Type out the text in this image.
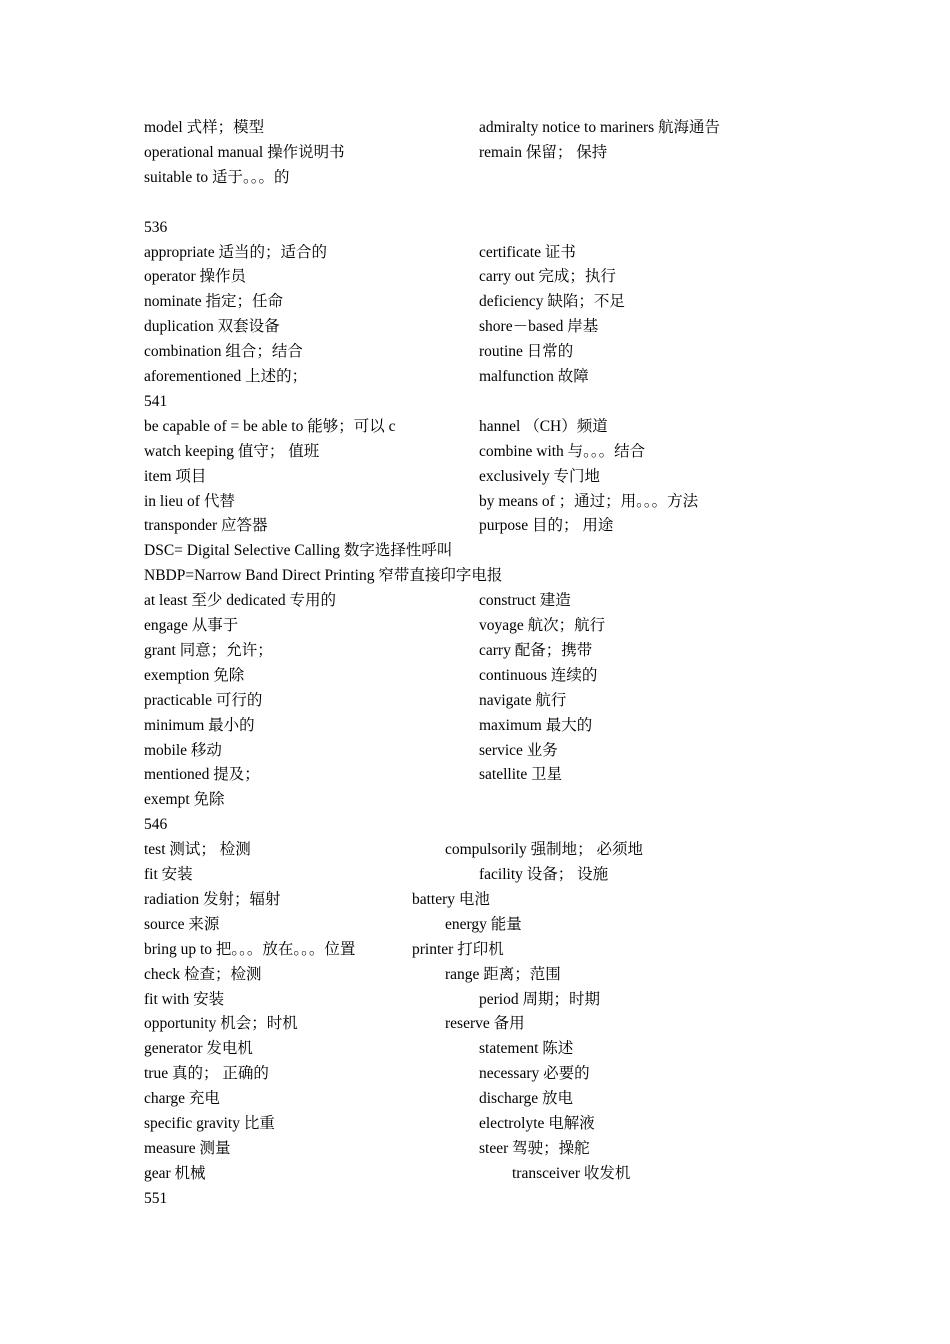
model 式样；模型	admiralty notice to mariners 航海通告
operational manual 操作说明书	remain 保留； 保持
suitable to 适于。。。的
536
appropriate 适当的；适合的	certificate 证书
operator 操作员	carry out 完成；执行
nominate 指定；任命	deficiency 缺陷；不足
duplication 双套设备	shore－based 岸基
combination 组合；结合	routine 日常的
aforementioned 上述的；	malfunction 故障
541
be capable of = be able to 能够；可以 c	hannel （CH）频道
watch keeping 值守； 值班	combine with 与。。。结合
item 项目	exclusively 专门地
in lieu of 代替	by means of ；通过；用。。。方法
transponder 应答器	purpose 目的； 用途
DSC= Digital Selective Calling 数字选择性呼叫
NBDP=Narrow Band Direct Printing 窄带直接印字电报
at least 至少 dedicated 专用的	construct 建造
engage 从事于	voyage 航次；航行
grant 同意；允许；	carry 配备；携带
exemption 免除	continuous 连续的
practicable 可行的	navigate 航行
minimum 最小的	maximum 最大的
mobile 移动	service 业务
mentioned 提及；	satellite 卫星
exempt 免除
546
test 测试； 检测	compulsorily 强制地； 必须地
fit 安装	facility 设备； 设施
radiation 发射；辐射	battery 电池
source 来源	energy 能量
bring up to 把。。。放在。。。位置	printer 打印机
check 检查；检测	range 距离；范围
fit with 安装	period 周期；时期
opportunity 机会；时机	reserve 备用
generator 发电机	statement 陈述
true 真的； 正确的	necessary 必要的
charge 充电	discharge 放电
specific gravity 比重	electrolyte 电解液
measure 测量	steer 驾驶；操舵
gear 机械	transceiver 收发机
551
